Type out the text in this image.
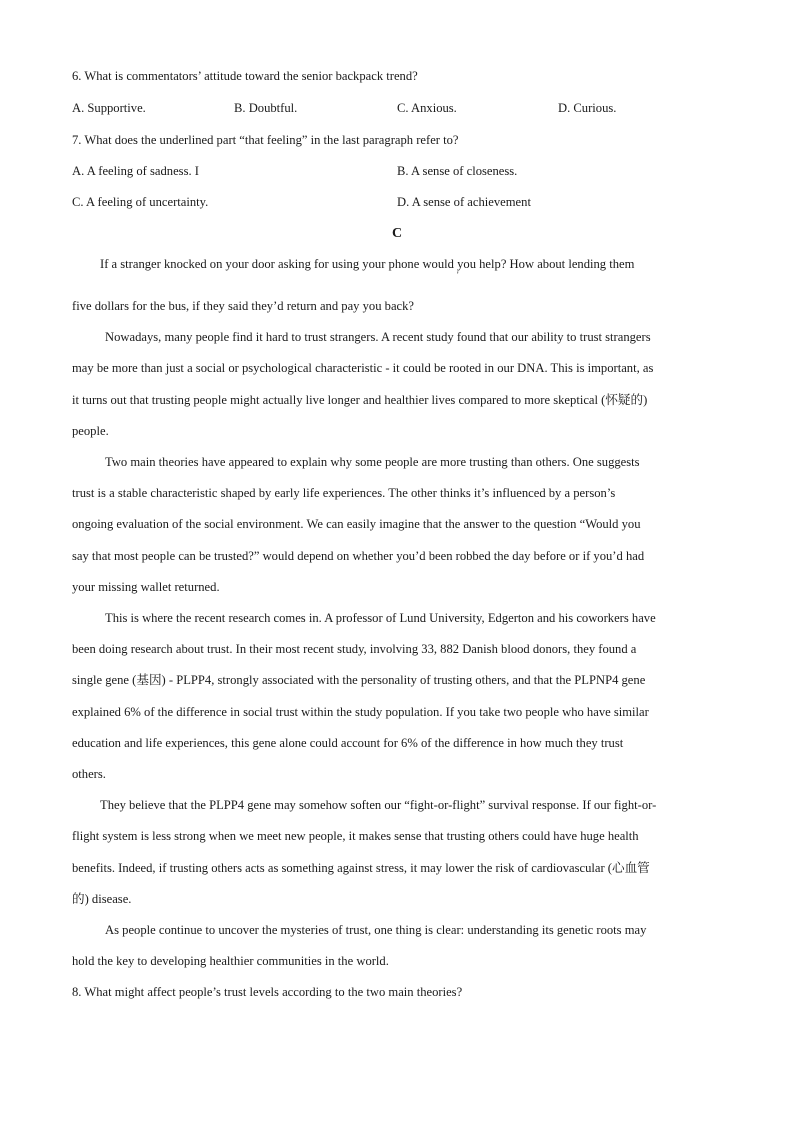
6. What is commentators’ attitude toward the senior backpack trend?
A. Supportive.	B. Doubtful.	C. Anxious.	D. Curious.
7. What does the underlined part “that feeling” in the last paragraph refer to?
A. A feeling of sadness. I	B. A sense of closeness.
C. A feeling of uncertainty.	D. A sense of achievement
C
If a stranger knocked on your door asking for using your phone would you help? How about lending them
'
five dollars for the bus, if they said they’d return and pay you back?
Nowadays, many people find it hard to trust strangers. A recent study found that our ability to trust strangers
may be more than just a social or psychological characteristic - it could be rooted in our DNA. This is important, as
it turns out that trusting people might actually live longer and healthier lives compared to more skeptical (怀疑的)
people.
Two main theories have appeared to explain why some people are more trusting than others. One suggests
trust is a stable characteristic shaped by early life experiences. The other thinks it’s influenced by a person’s
ongoing evaluation of the social environment. We can easily imagine that the answer to the question “Would you
say that most people can be trusted?” would depend on whether you’d been robbed the day before or if you’d had
your missing wallet returned.
This is where the recent research comes in. A professor of Lund University, Edgerton and his coworkers have
been doing research about trust. In their most recent study, involving 33, 882 Danish blood donors, they found a
single gene (基因) - PLPP4, strongly associated with the personality of trusting others, and that the PLPNP4 gene
explained 6% of the difference in social trust within the study population. If you take two people who have similar
education and life experiences, this gene alone could account for 6% of the difference in how much they trust
others.
They believe that the PLPP4 gene may somehow soften our “fight-or-flight” survival response. If our fight-or-
flight system is less strong when we meet new people, it makes sense that trusting others could have huge health
benefits. Indeed, if trusting others acts as something against stress, it may lower the risk of cardiovascular (心血管
的) disease.
As people continue to uncover the mysteries of trust, one thing is clear: understanding its genetic roots may
hold the key to developing healthier communities in the world.
8. What might affect people’s trust levels according to the two main theories?
